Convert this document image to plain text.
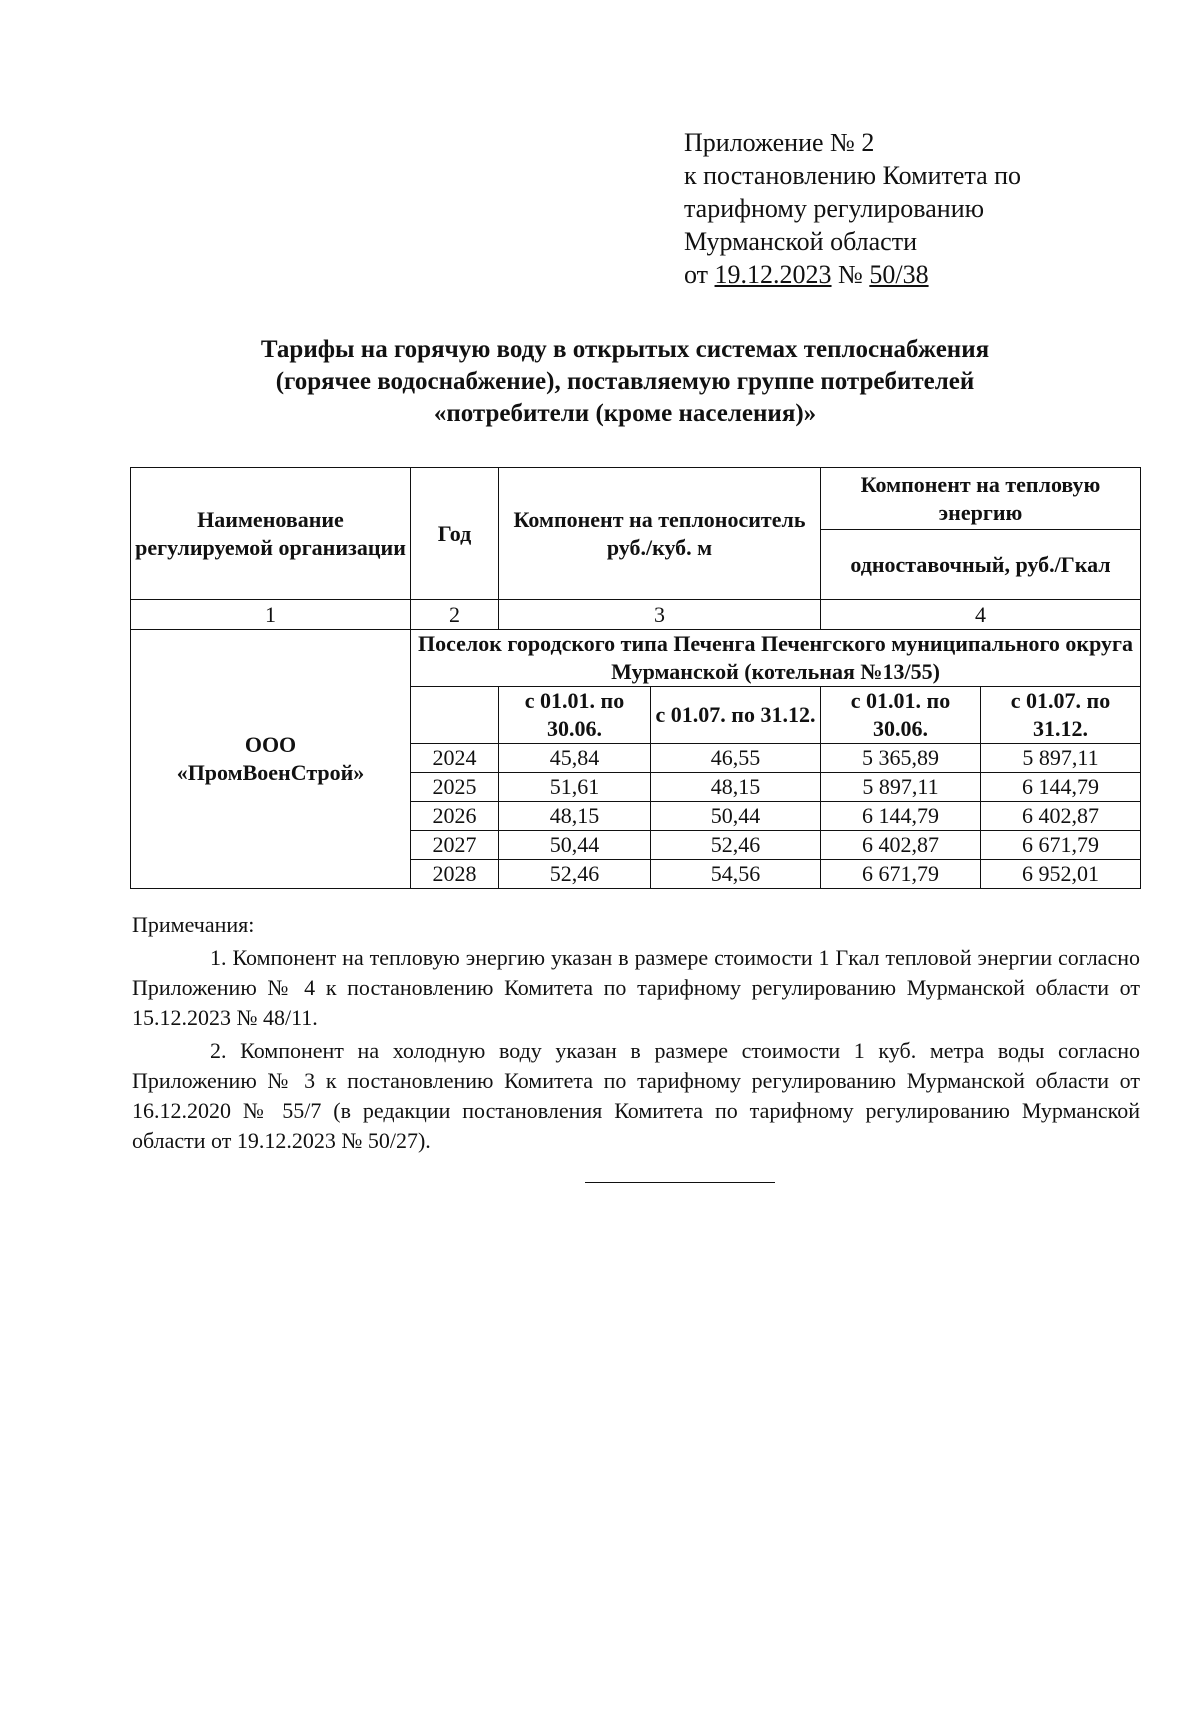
Приложение № 2
к постановлению Комитета по
тарифному регулированию
Мурманской области
от 19.12.2023 № 50/38
Тарифы на горячую воду в открытых системах теплоснабжения
(горячее водоснабжение), поставляемую группе потребителей
«потребители (кроме населения)»
Наименование регулируемой организации	Год	Компонент на теплоноситель руб./куб. м		Компонент на тепловую энергию	
				одноставочный, руб./Гкал	
1	2	3		4	

ООО
«ПромВоенСтрой»	Поселок городского типа Печенга Печенгского муниципального округа Мурманской (котельная №13/55)				
		с 01.01. по 30.06.	с 01.07. по 31.12.	с 01.01. по 30.06.	с 01.07. по 31.12.
	2024	45,84	46,55	5 365,89	5 897,11
	2025	51,61	48,15	5 897,11	6 144,79
	2026	48,15	50,44	6 144,79	6 402,87
	2027	50,44	52,46	6 402,87	6 671,79
	2028	52,46	54,56	6 671,79	6 952,01
Примечания:

1. Компонент на тепловую энергию указан в размере стоимости 1 Гкал тепловой энергии согласно Приложению № 4 к постановлению Комитета по тарифному регулированию Мурманской области от 15.12.2023 № 48/11.

2. Компонент на холодную воду указан в размере стоимости 1 куб. метра воды согласно Приложению № 3 к постановлению Комитета по тарифному регулированию Мурманской области от 16.12.2020 № 55/7 (в редакции постановления Комитета по тарифному регулированию Мурманской области от 19.12.2023 № 50/27).
